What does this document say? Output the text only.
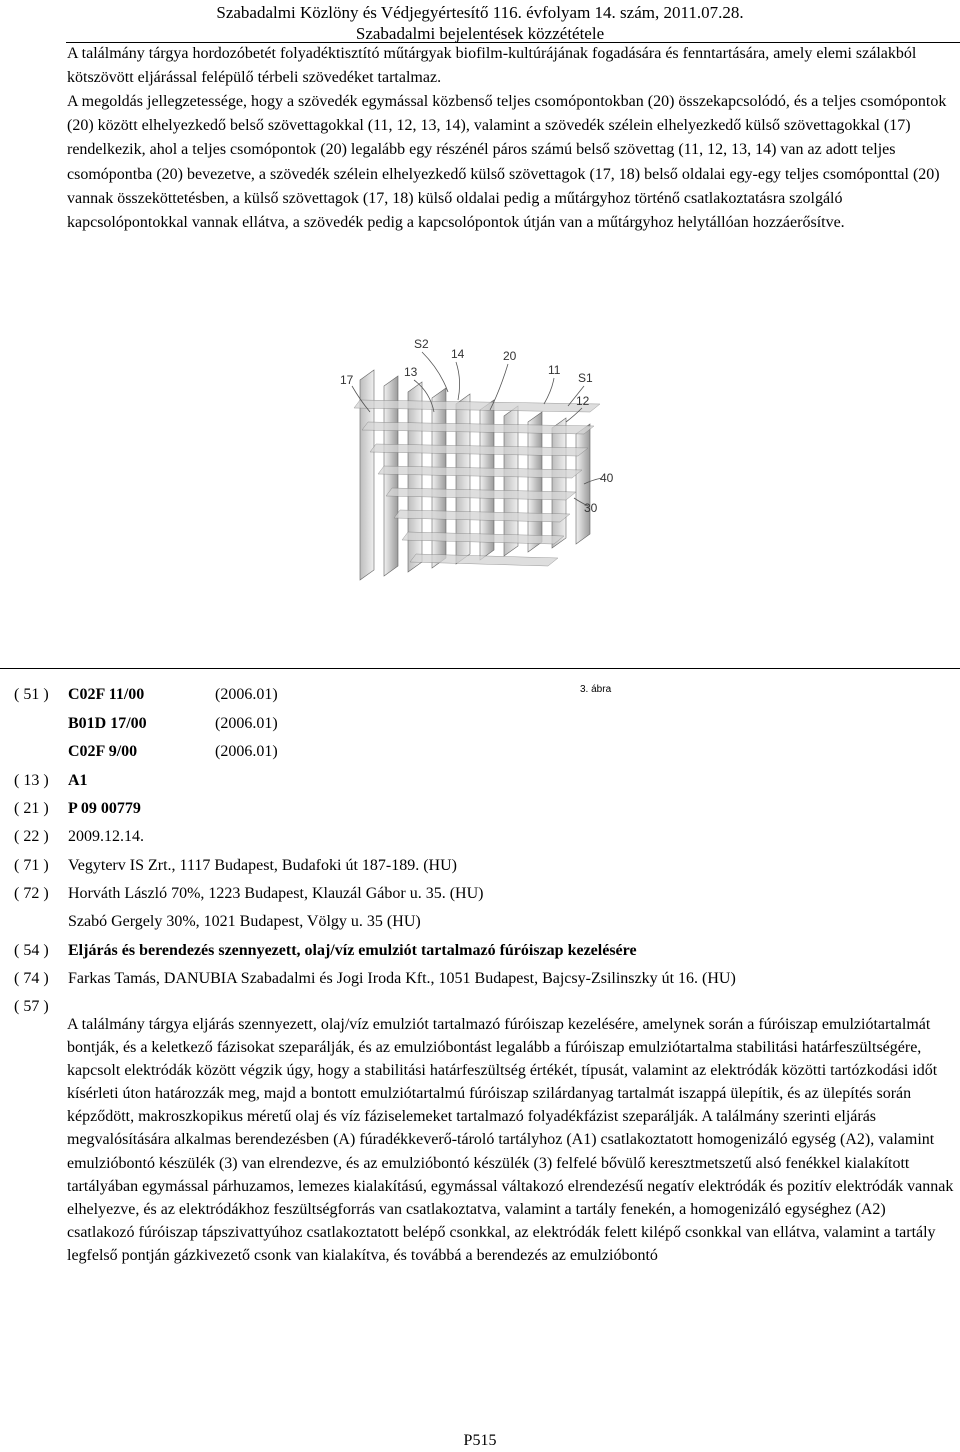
Szabadalmi Közlöny és Védjegyértesítő 116. évfolyam 14. szám, 2011.07.28.
Szabadalmi bejelentések közzététele
A találmány tárgya hordozóbetét folyadéktisztító műtárgyak biofilm-kultúrájának fogadására és fenntartására, amely elemi szálakból kötszövött eljárással felépülő térbeli szövedéket tartalmaz.
A megoldás jellegzetessége, hogy a szövedék egymással közbenső teljes csomópontokban (20) összekapcsolódó, és a teljes csomópontok (20) között elhelyezkedő belső szövettagokkal (11, 12, 13, 14), valamint a szövedék szélein elhelyezkedő külső szövettagokkal (17) rendelkezik, ahol a teljes csomópontok (20) legalább egy részénél páros számú belső szövettag (11, 12, 13, 14) van az adott teljes csomópontba (20) bevezetve, a szövedék szélein elhelyezkedő külső szövettagok (17, 18) belső oldalai egy-egy teljes csomóponttal (20) vannak összeköttetésben, a külső szövettagok (17, 18) külső oldalai pedig a műtárgyhoz történő csatlakoztatásra szolgáló kapcsolópontokkal vannak ellátva, a szövedék pedig a kapcsolópontok útján van a műtárgyhoz helytállóan hozzáerősítve.
3. ábra
S2
14	20
17
13	11
S1
12
40
30
( 51 ) C02F 11/00	(2006.01)
B01D 17/00	(2006.01)
C02F 9/00	(2006.01)
( 13 ) A1
( 21 ) P 09 00779
( 22 ) 2009.12.14.
( 71 ) Vegyterv IS Zrt., 1117 Budapest, Budafoki út 187-189. (HU)
( 72 ) Horváth László 70%, 1223 Budapest, Klauzál Gábor u. 35. (HU)
Szabó Gergely 30%, 1021 Budapest, Völgy u. 35 (HU)
( 54 ) Eljárás és berendezés szennyezett, olaj/víz emulziót tartalmazó fúróiszap kezelésére
( 74 ) Farkas Tamás, DANUBIA Szabadalmi és Jogi Iroda Kft., 1051 Budapest, Bajcsy-Zsilinszky út 16. (HU)
( 57 )
A találmány tárgya eljárás szennyezett, olaj/víz emulziót tartalmazó fúróiszap kezelésére, amelynek során a fúróiszap emulziótartalmát bontják, és a keletkező fázisokat szeparálják, és az emulzióbontást legalább a fúróiszap emulziótartalma stabilitási határfeszültségére, kapcsolt elektródák között végzik úgy, hogy a stabilitási határfeszültség értékét, típusát, valamint az elektródák közötti tartózkodási időt kísérleti úton határozzák meg, majd a bontott emulziótartalmú fúróiszap szilárdanyag tartalmát iszappá ülepítik, és az ülepítés során képződött, makroszkopikus méretű olaj és víz fáziselemeket tartalmazó folyadékfázist szeparálják. A találmány szerinti eljárás megvalósítására alkalmas berendezésben (A) fúradékkeverő-tároló tartályhoz (A1) csatlakoztatott homogenizáló egység (A2), valamint emulzióbontó készülék (3) van elrendezve, és az emulzióbontó készülék (3) felfelé bővülő keresztmetszetű alsó fenékkel kialakított tartályában egymással párhuzamos, lemezes kialakítású, egymással váltakozó elrendezésű negatív elektródák és pozitív elektródák vannak elhelyezve, és az elektródákhoz feszültségforrás van csatlakoztatva, valamint a tartály fenekén, a homogenizáló egységhez (A2) csatlakozó fúróiszap tápszivattyúhoz csatlakoztatott belépő csonkkal, az elektródák felett kilépő csonkkal van ellátva, valamint a tartály legfelső pontján gázkivezető csonk van kialakítva, és továbbá a berendezés az emulzióbontó
P515
